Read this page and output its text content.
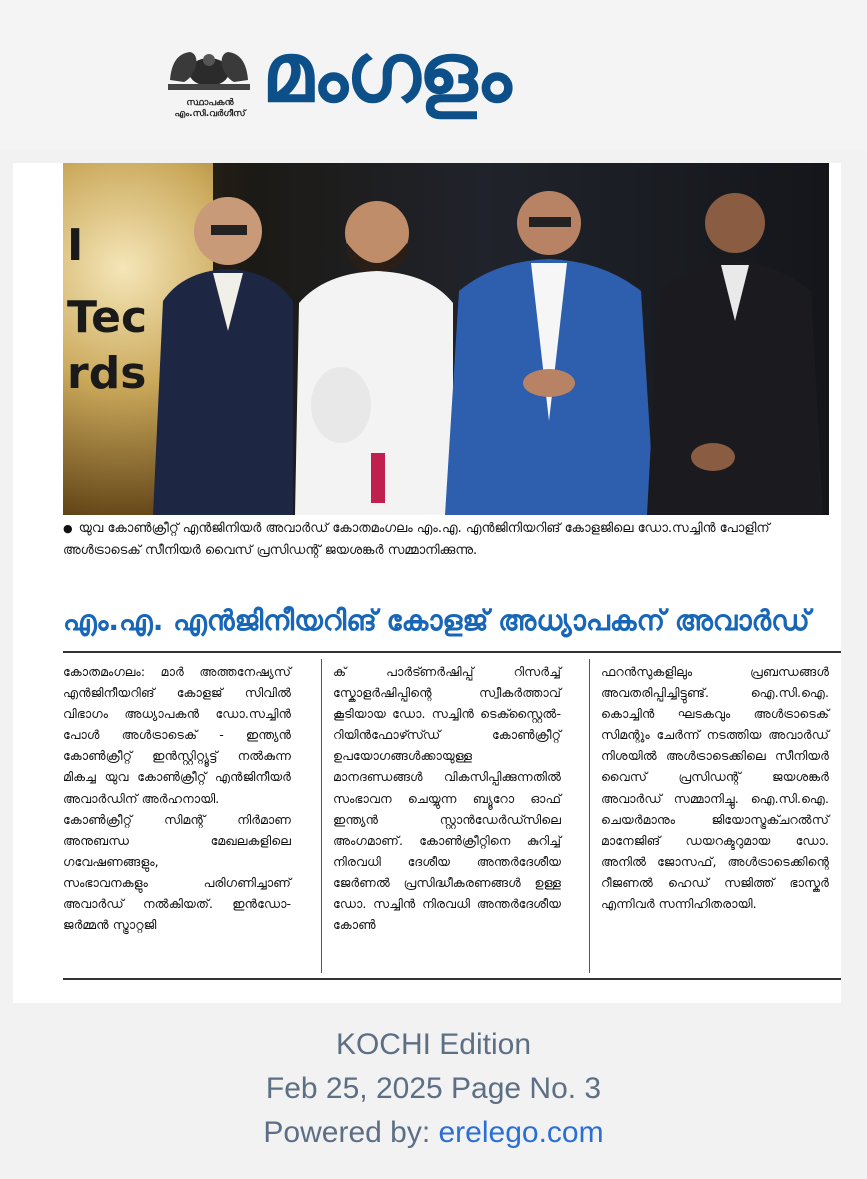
സ്ഥാപകൻ
എം.സി.വർഗീസ് മംഗളം
I
Tec
rds
● യുവ കോൺക്രീറ്റ് എൻജിനിയർ അവാർഡ് കോതമംഗലം എം.എ. എൻജിനിയറിങ് കോളജിലെ ഡോ.സച്ചിൻ പോളിന് അൾട്രാടെക് സീനിയർ വൈസ് പ്രസിഡന്റ് ജയശങ്കർ സമ്മാനിക്കുന്നു.
എം.എ. എൻജിനീയറിങ് കോളജ് അധ്യാപകന് അവാർഡ്

കോതമംഗലം: മാർ അത്തനേഷ്യസ് എൻജിനീയറിങ് കോളജ് സിവിൽ വിഭാഗം അധ്യാപകൻ ഡോ.സച്ചിൻ പോൾ അൾട്രാടെക് - ഇന്ത്യൻ കോൺക്രീറ്റ് ഇൻസ്റ്റിറ്റ്യൂട്ട് നൽകുന്ന മികച്ച യുവ കോൺക്രീറ്റ് എൻജിനീയർ അവാർഡിന് അർഹനായി.

കോൺക്രീറ്റ് സിമന്റ് നിർമാണ അനുബന്ധ മേഖലകളിലെ ഗവേഷണങ്ങളും,

സംഭാവനകളും പരിഗണിച്ചാണ് അവാർഡ് നൽകിയത്. ഇൻഡോ-ജർമ്മൻ സ്ട്രാറ്റജി

ക് പാർട്ണർഷിപ്പ് റിസർച്ച് സ്കോളർഷിപ്പിന്റെ സ്വീകർത്താവ് കൂടിയായ ഡോ. സച്ചിൻ ടെക്സ്റ്റൈൽ-റിയിൻഫോഴ്സ്ഡ് കോൺക്രീറ്റ് ഉപയോഗങ്ങൾക്കായുള്ള മാനദണ്ഡങ്ങൾ വികസിപ്പിക്കുന്നതിൽ സംഭാവന ചെയ്യുന്ന ബ്യൂറോ ഓഫ് ഇന്ത്യൻ സ്റ്റാൻഡേർഡ്സിലെ അംഗമാണ്. കോൺക്രീറ്റിനെ കുറിച്ച് നിരവധി ദേശീയ അന്തർദേശീയ ജേർണൽ പ്രസിദ്ധീകരണങ്ങൾ ഉള്ള ഡോ. സച്ചിൻ നിരവധി അന്തർദേശീയ കോൺ

ഫറൻസുകളിലും പ്രബന്ധങ്ങൾ അവതരിപ്പിച്ചിട്ടുണ്ട്. ഐ.സി.ഐ. കൊച്ചിൻ ഘടകവും അൾട്രാടെക് സിമന്റും ചേർന്ന് നടത്തിയ അവാർഡ് നിശയിൽ അൾട്രാടെക്കിലെ സീനിയർ വൈസ് പ്രസിഡന്റ് ജയശങ്കർ അവാർഡ് സമ്മാനിച്ചു. ഐ.സി.ഐ. ചെയർമാനും ജിയോസ്ട്രക്ചറൽസ് മാനേജിങ് ഡയറക്ടറുമായ ഡോ. അനിൽ ജോസഫ്, അൾട്രാടെക്കിന്റെ റീജണൽ ഹെഡ് സജിത്ത് ഭാസ്കർ എന്നിവർ സന്നിഹിതരായി.

KOCHI Edition
Feb 25, 2025 Page No. 3
Powered by: erelego.com
